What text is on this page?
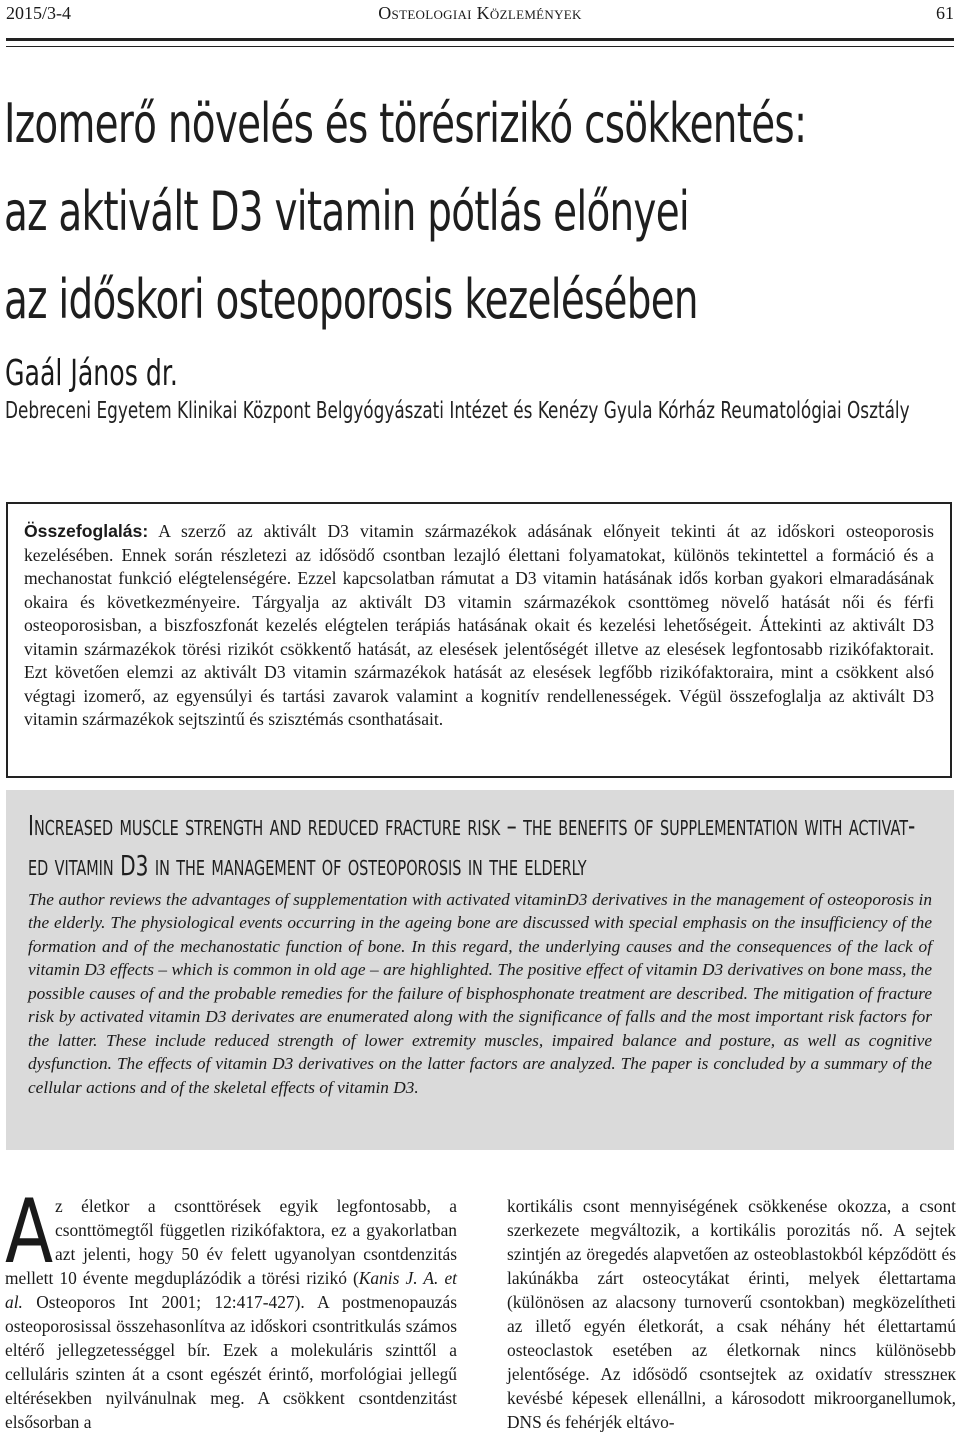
2015/3-4	Osteologiai Közlemények	61
Izomerő növelés és törésrizikó csökkentés:
az aktivált D3 vitamin pótlás előnyei
az időskori osteoporosis kezelésében
Gaál János dr.
Debreceni Egyetem Klinikai Központ Belgyógyászati Intézet és Kenézy Gyula Kórház Reumatológiai Osztály
Összefoglalás: A szerző az aktivált D3 vitamin származékok adásának előnyeit tekinti át az időskori osteoporosis kezelésében. Ennek során részletezi az idősödő csontban lezajló élettani folyamatokat, különös tekintettel a formáció és a mechanostat funkció elégtelenségére. Ezzel kapcsolatban rámutat a D3 vitamin hatásának idős korban gyakori elmaradásának okaira és következményeire. Tárgyalja az aktivált D3 vitamin származékok csonttömeg növelő hatását női és férfi osteoporosisban, a biszfoszfonát kezelés elégtelen terápiás hatásának okait és kezelési lehetőségeit. Áttekinti az aktivált D3 vitamin származékok törési rizikót csökkentő hatását, az elesések jelentőségét illetve az elesések legfontosabb rizikófaktorait. Ezt követően elemzi az aktivált D3 vitamin származékok hatását az elesések legfőbb rizikófaktoraira, mint a csökkent alsó végtagi izomerő, az egyensúlyi és tartási zavarok valamint a kognitív rendellenességek. Végül összefoglalja az aktivált D3 vitamin származékok sejtszintű és szisztémás csonthatásait.
Increased muscle strength and reduced fracture risk – the benefits of supplementation with activat-
ed vitamin D3 in the management of osteoporosis in the elderly
The author reviews the advantages of supplementation with activated vitaminD3 derivatives in the management of osteoporosis in the elderly. The physiological events occurring in the ageing bone are discussed with special emphasis on the insufficiency of the formation and of the mechanostatic function of bone. In this regard, the underlying causes and the consequences of the lack of vitamin D3 effects – which is common in old age – are highlighted. The positive effect of vitamin D3 derivatives on bone mass, the possible causes of and the probable remedies for the failure of bisphosphonate treatment are described. The mitigation of fracture risk by activated vitamin D3 derivates are enumerated along with the significance of falls and the most important risk factors for the latter. These include reduced strength of lower extremity muscles, impaired balance and posture, as well as cognitive dysfunction. The effects of vitamin D3 derivatives on the latter factors are analyzed. The paper is concluded by a summary of the cellular actions and of the skeletal effects of vitamin D3.
Az életkor a csonttörések egyik legfontosabb, a csonttömegtől független rizikófaktora, ez a gyakorlatban azt jelenti, hogy 50 év felett ugyanolyan csontdenzitás mellett 10 évente megduplázódik a törési rizikó (Kanis J. A. et al. Osteoporos Int 2001; 12:417-427). A postmenopauzás osteoporosissal összehasonlítva az időskori csontritkulás számos eltérő jellegzetességgel bír. Ezek a molekuláris szinttől a celluláris szinten át a csont egészét érintő, morfológiai jellegű eltérésekben nyilvánulnak meg. A csökkent csontdenzitást elsősorban a
kortikális csont mennyiségének csökkenése okozza, a csont szerkezete megváltozik, a kortikális porozitás nő. A sejtek szintjén az öregedés alapvetően az osteoblastokból képződött és lakúnákba zárt osteocytákat érinti, melyek élettartama (különösen az alacsony turnoverű csontokban) megközelítheti az illető egyén életkorát, a csak néhány hét élettartamú osteoclastok esetében az életkornak nincs különösebb jelentősége. Az idősödő csontsejtek az oxidatív stresszнек kevésbé képesek ellenállni, a károsodott mikroorganellumok, DNS és fehérjék eltávo-
